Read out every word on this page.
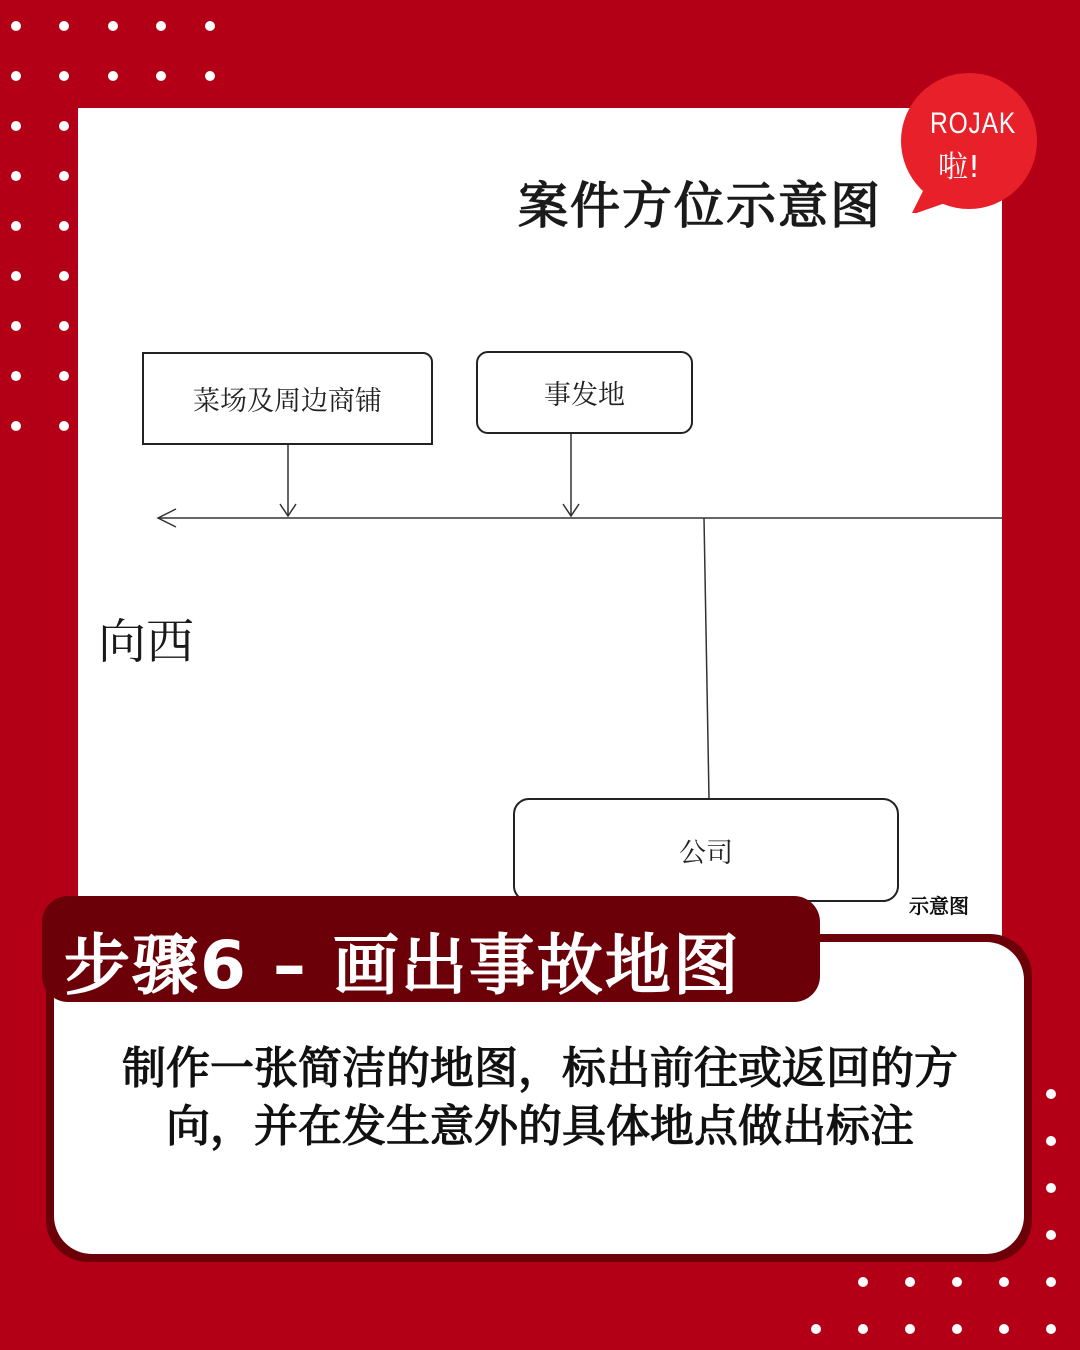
案件方位示意图
菜场及周边商铺	事发地
公司
向西
示意图
ROJAK
啦!
制作一张简洁的地图，标出前往或返回的方向，并在发生意外的具体地点做出标注
步骤6 – 画出事故地图
